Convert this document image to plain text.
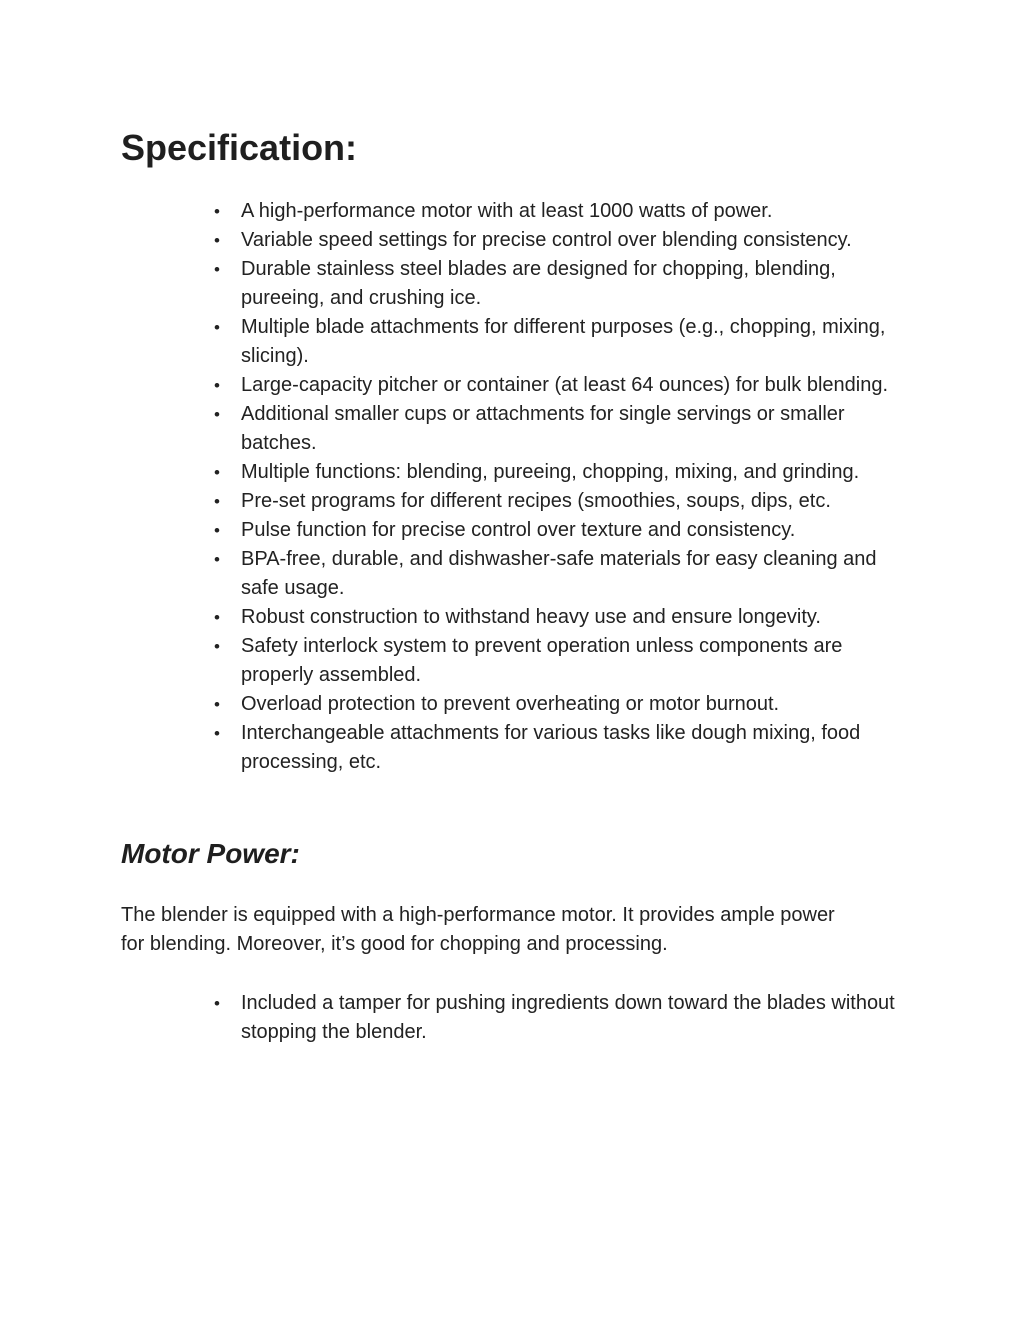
Specification:
• A high-performance motor with at least 1000 watts of power.
• Variable speed settings for precise control over blending consistency.
• Durable stainless steel blades are designed for chopping, blending, pureeing, and crushing ice.
• Multiple blade attachments for different purposes (e.g., chopping, mixing, slicing).
• Large-capacity pitcher or container (at least 64 ounces) for bulk blending.
• Additional smaller cups or attachments for single servings or smaller batches.
• Multiple functions: blending, pureeing, chopping, mixing, and grinding.
• Pre-set programs for different recipes (smoothies, soups, dips, etc.
• Pulse function for precise control over texture and consistency.
• BPA-free, durable, and dishwasher-safe materials for easy cleaning and safe usage.
• Robust construction to withstand heavy use and ensure longevity.
• Safety interlock system to prevent operation unless components are properly assembled.
• Overload protection to prevent overheating or motor burnout.
• Interchangeable attachments for various tasks like dough mixing, food processing, etc.
Motor Power:

The blender is equipped with a high-performance motor. It provides ample power for blending. Moreover, it’s good for chopping and processing.

• Included a tamper for pushing ingredients down toward the blades without stopping the blender.
